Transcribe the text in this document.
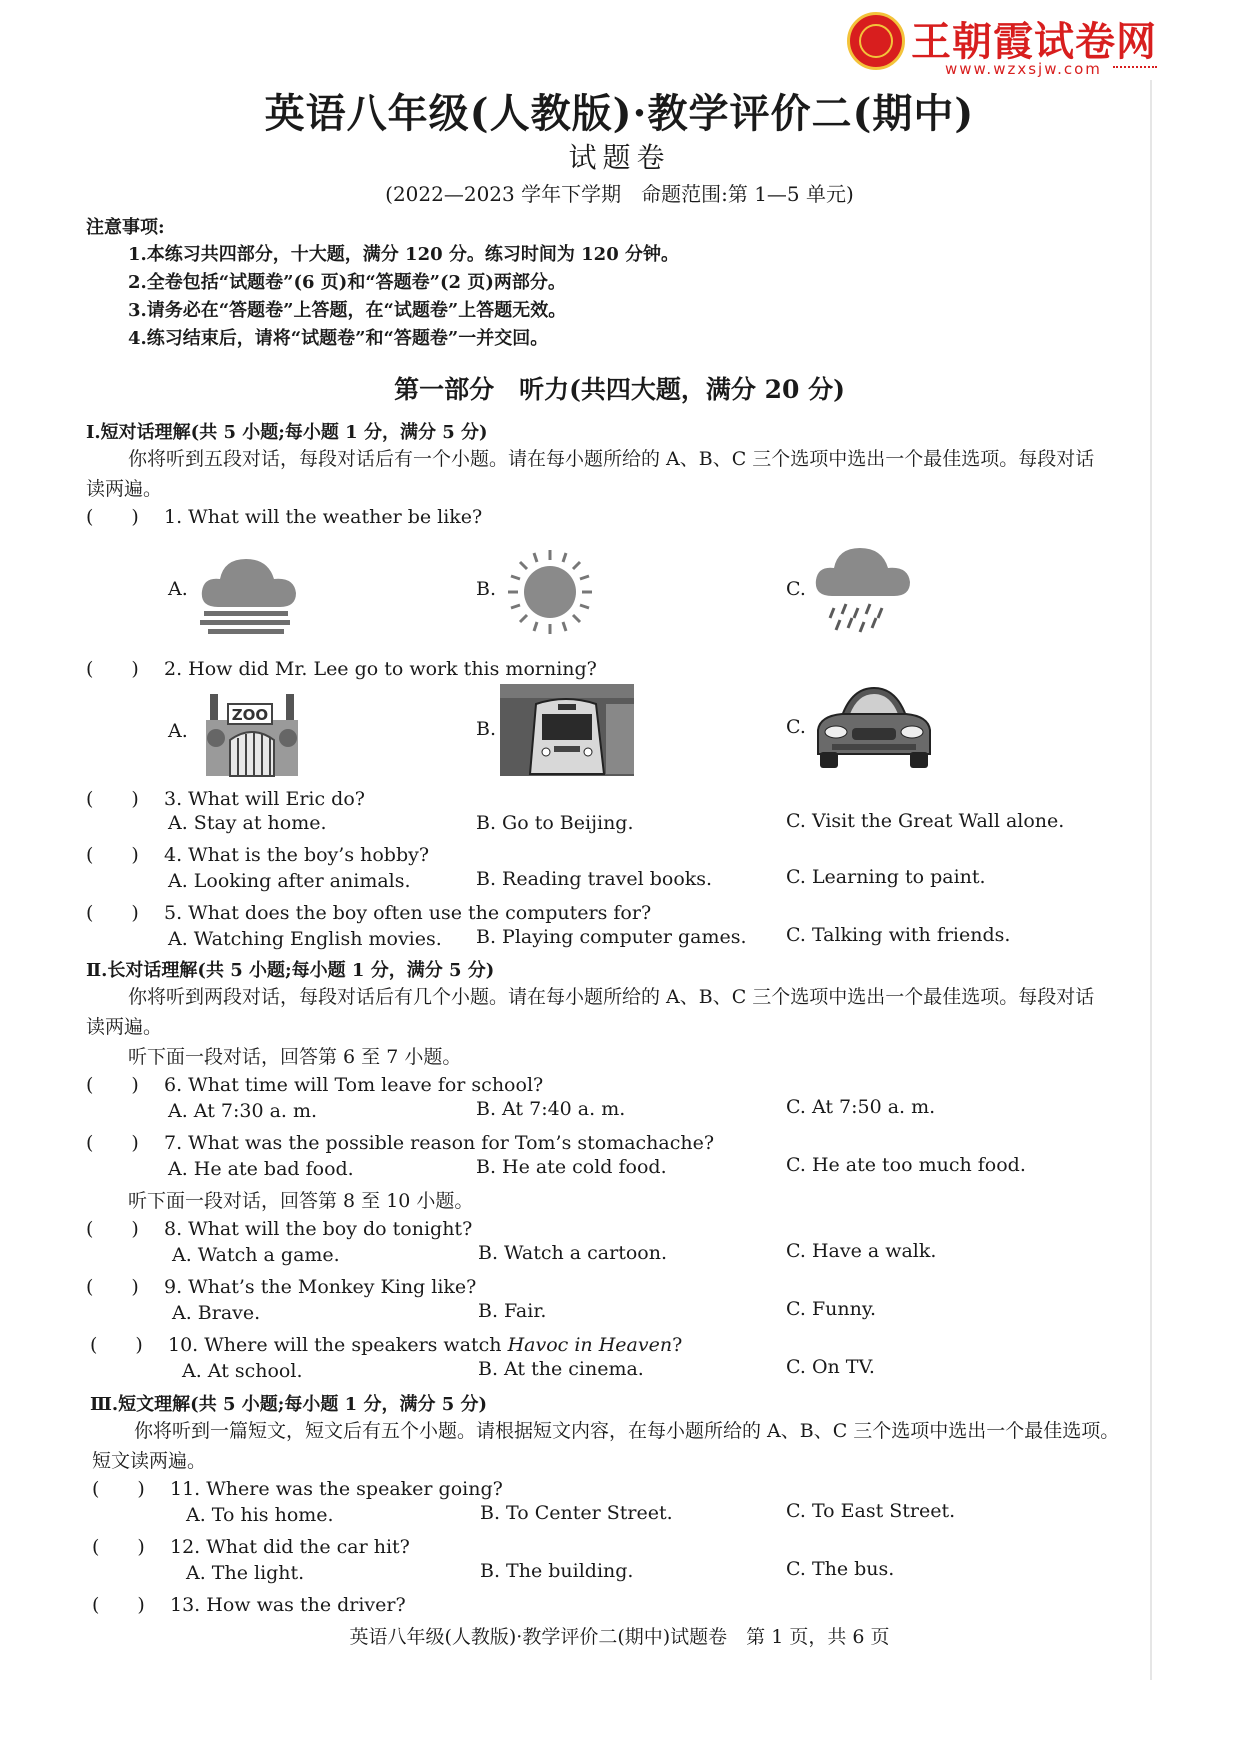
王朝霞试卷网
www.wzxsjw.com
英语八年级(人教版)·教学评价二(期中)
试题卷
(2022—2023 学年下学期　命题范围:第 1—5 单元)
注意事项:
1.本练习共四部分，十大题，满分 120 分。练习时间为 120 分钟。
2.全卷包括“试题卷”(6 页)和“答题卷”(2 页)两部分。
3.请务必在“答题卷”上答题，在“试题卷”上答题无效。
4.练习结束后，请将“试题卷”和“答题卷”一并交回。
第一部分　听力(共四大题，满分 20 分)
Ⅰ.短对话理解(共 5 小题;每小题 1 分，满分 5 分)
你将听到五段对话，每段对话后有一个小题。请在每小题所给的 A、B、C 三个选项中选出一个最佳选项。每段对话
读两遍。
(　　) 1. What will the weather be like?
A.	B.	C.
(　　) 2. How did Mr. Lee go to work this morning?
A.
ZOO
B.	C.
(　　) 3. What will Eric do?
A. Stay at home.	B. Go to Beijing.	C. Visit the Great Wall alone.
(　　) 4. What is the boy’s hobby?
A. Looking after animals.	B. Reading travel books.	C. Learning to paint.
(　　) 5. What does the boy often use the computers for?
A. Watching English movies. B. Playing computer games. C. Talking with friends.
Ⅱ.长对话理解(共 5 小题;每小题 1 分，满分 5 分)
你将听到两段对话，每段对话后有几个小题。请在每小题所给的 A、B、C 三个选项中选出一个最佳选项。每段对话
读两遍。
听下面一段对话，回答第 6 至 7 小题。
(　　) 6. What time will Tom leave for school?
A. At 7:30 a. m.	B. At 7:40 a. m.	C. At 7:50 a. m.
(　　) 7. What was the possible reason for Tom’s stomachache?
A. He ate bad food.	B. He ate cold food.	C. He ate too much food.
听下面一段对话，回答第 8 至 10 小题。
(　　) 8. What will the boy do tonight?
A. Watch a game.	B. Watch a cartoon.	C. Have a walk.
(　　) 9. What’s the Monkey King like?
A. Brave.	B. Fair.	C. Funny.
(　　) 10. Where will the speakers watch Havoc in Heaven?
A. At school.	B. At the cinema.	C. On TV.
Ⅲ.短文理解(共 5 小题;每小题 1 分，满分 5 分)
你将听到一篇短文，短文后有五个小题。请根据短文内容，在每小题所给的 A、B、C 三个选项中选出一个最佳选项。
短文读两遍。
(　　) 11. Where was the speaker going?
A. To his home.	B. To Center Street.	C. To East Street.
(　　) 12. What did the car hit?
A. The light.	B. The building.	C. The bus.
(　　) 13. How was the driver?
英语八年级(人教版)·教学评价二(期中)试题卷　第 1 页，共 6 页
